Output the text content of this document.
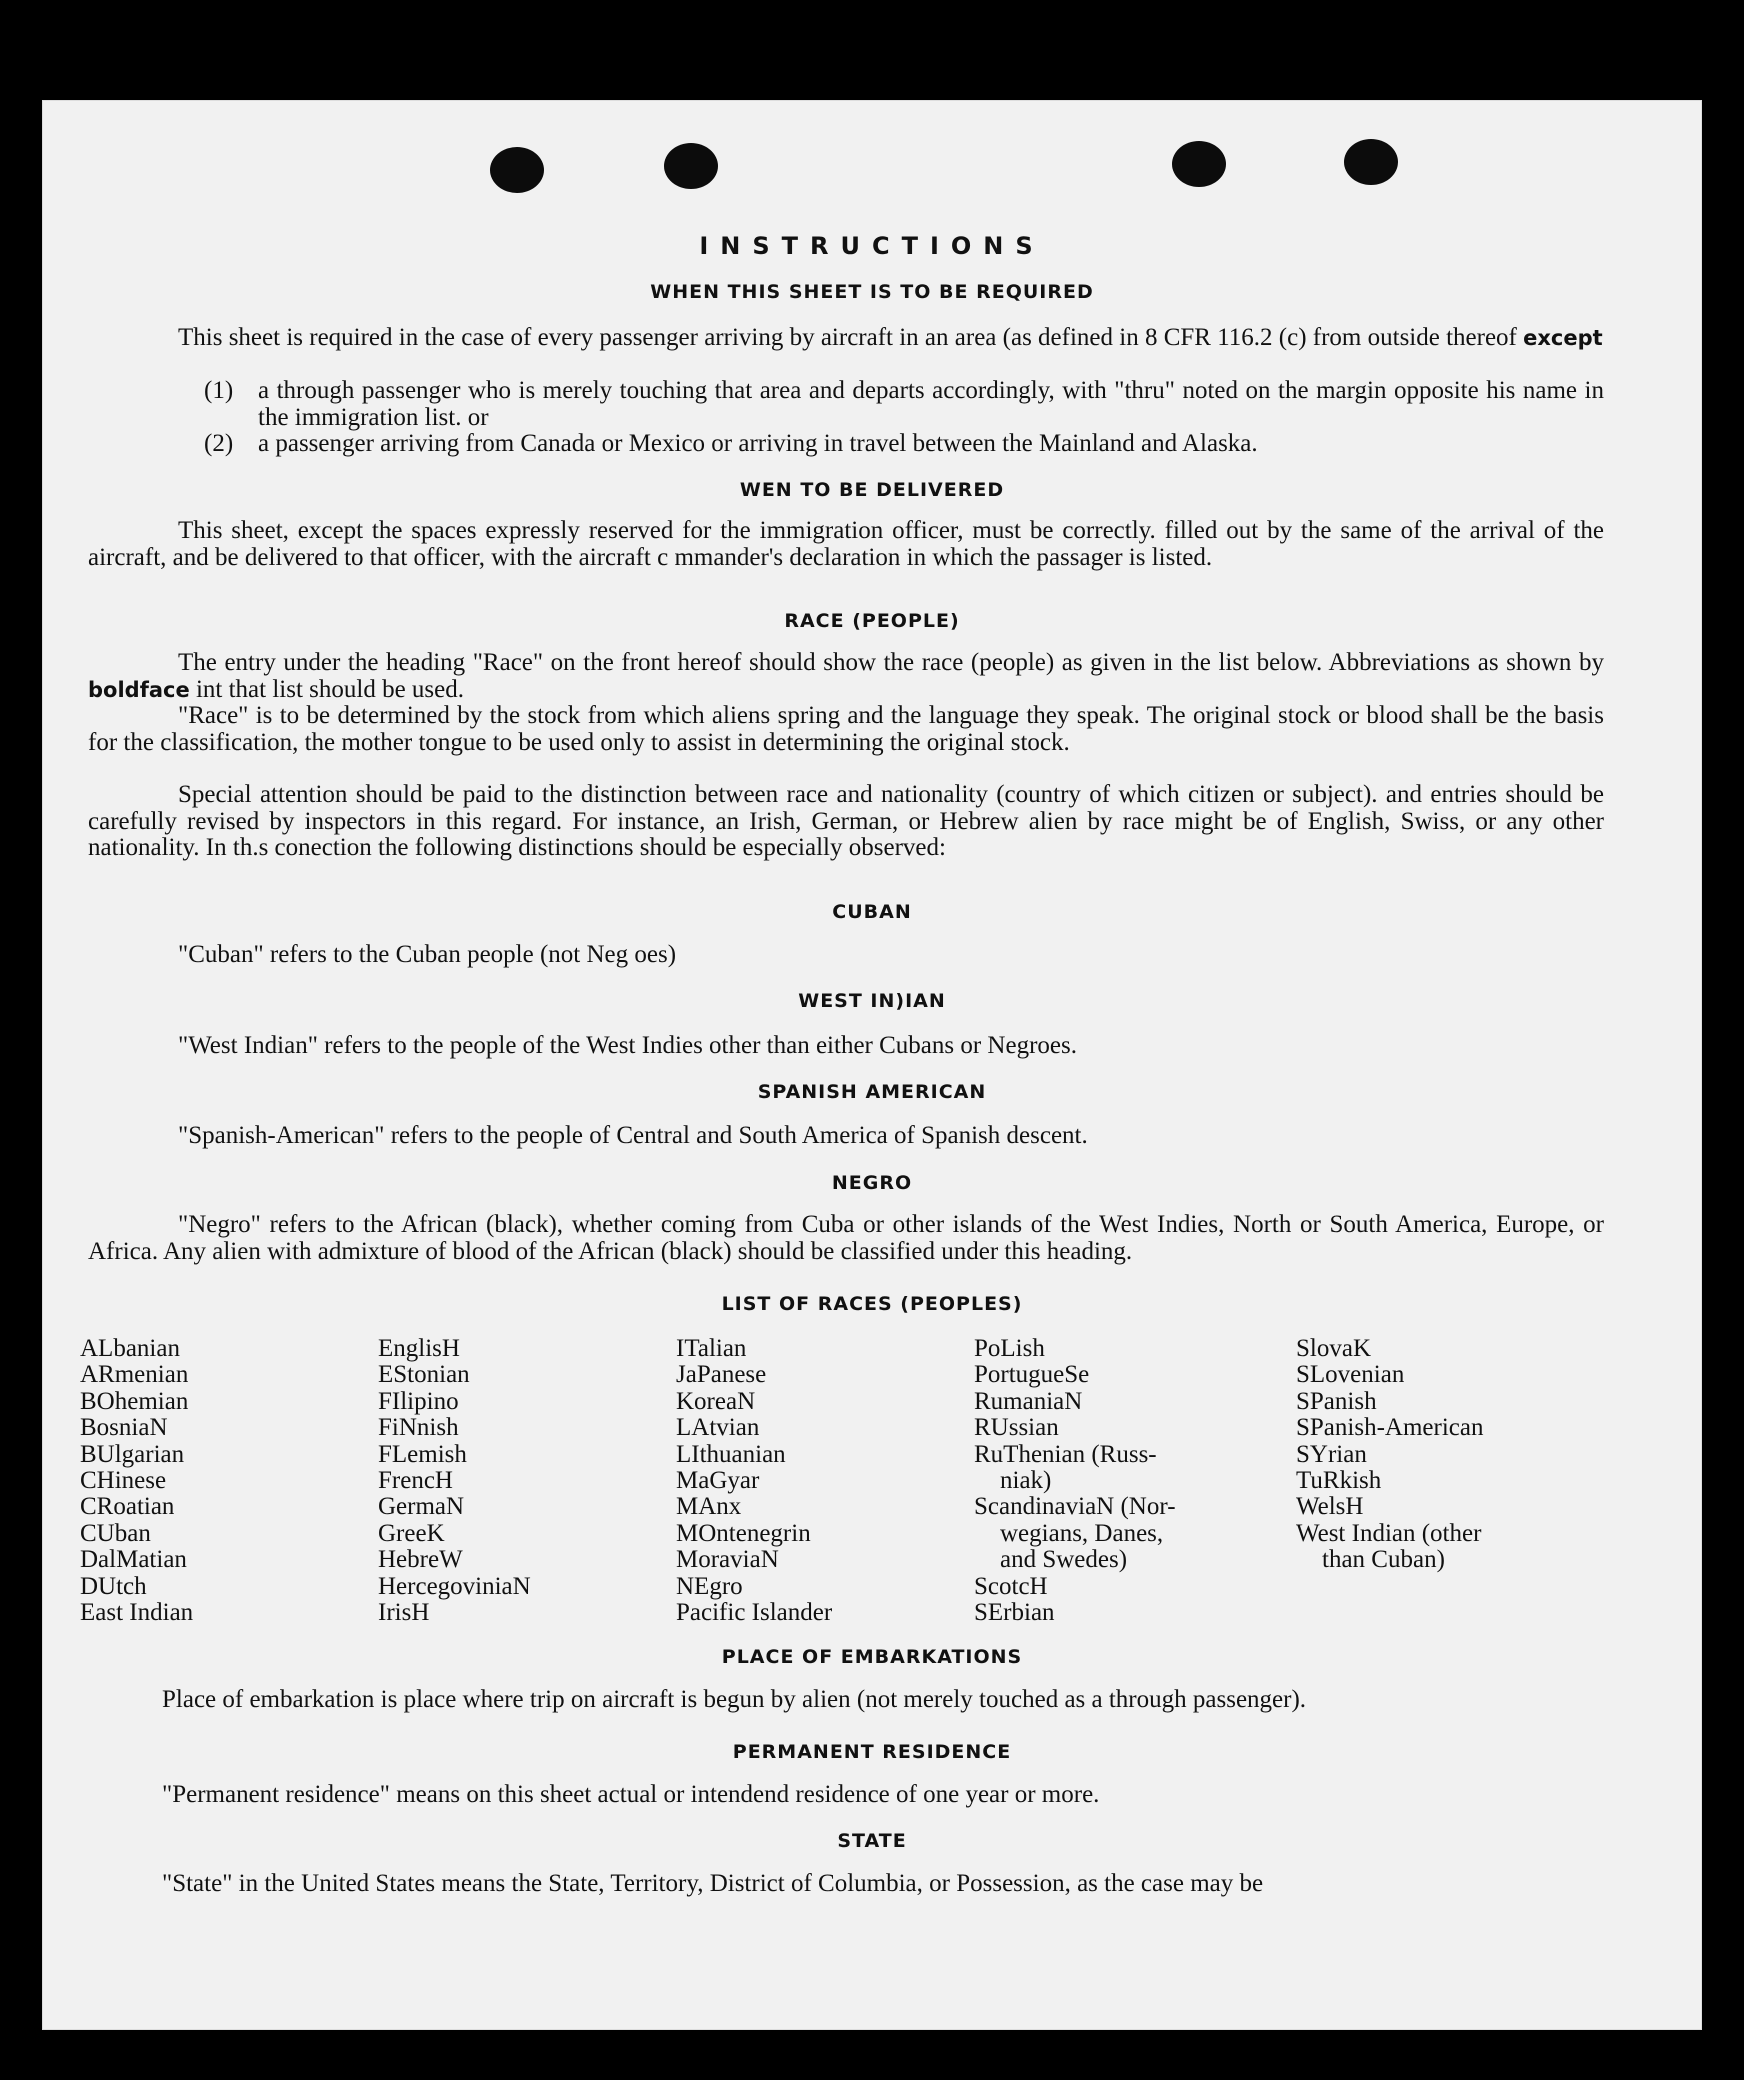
INSTRUCTIONS
WHEN THIS SHEET IS TO BE REQUIRED
This sheet is required in the case of every passenger arriving by aircraft in an area (as defined in 8 CFR 116.2 (c) from outside thereof except
(1) a through passenger who is merely touching that area and departs accordingly, with "thru" noted on the margin opposite his name in the immigration list. or
(2) a passenger arriving from Canada or Mexico or arriving in travel between the Mainland and Alaska.
WEN TO BE DELIVERED
This sheet, except the spaces expressly reserved for the immigration officer, must be correctly. filled out by the same of the arrival of the aircraft, and be delivered to that officer, with the aircraft c mmander's declaration in which the passager is listed.
RACE (PEOPLE)
The entry under the heading "Race" on the front hereof should show the race (people) as given in the list below. Abbreviations as shown by boldface int that list should be used.
"Race" is to be determined by the stock from which aliens spring and the language they speak. The original stock or blood shall be the basis for the classification, the mother tongue to be used only to assist in determining the original stock.
Special attention should be paid to the distinction between race and nationality (country of which citizen or subject). and entries should be carefully revised by inspectors in this regard. For instance, an Irish, German, or Hebrew alien by race might be of English, Swiss, or any other nationality. In th.s conection the following distinctions should be especially observed:
CUBAN
"Cuban" refers to the Cuban people (not Neg oes)
WEST IN)IAN
"West Indian" refers to the people of the West Indies other than either Cubans or Negroes.
SPANISH AMERICAN
"Spanish-American" refers to the people of Central and South America of Spanish descent.
NEGRO
"Negro" refers to the African (black), whether coming from Cuba or other islands of the West Indies, North or South America, Europe, or Africa. Any alien with admixture of blood of the African (black) should be classified under this heading.
LIST OF RACES (PEOPLES)
ALbanian
ARmenian
BOhemian
BosniaN
BUlgarian
CHinese
CRoatian
CUban
DalMatian
DUtch
East Indian
EnglisH
EStonian
FIlipino
FiNnish
FLemish
FrencH
GermaN
GreeK
HebreW
HercegoviniaN
IrisH
ITalian
JaPanese
KoreaN
LAtvian
LIthuanian
MaGyar
MAnx
MOntenegrin
MoraviaN
NEgro
Pacific Islander
PoLish
PortugueSe
RumaniaN
RUssian
RuThenian (Russ-
niak)
ScandinaviaN (Nor-
wegians, Danes,
and Swedes)
ScotcH
SErbian
SlovaK
SLovenian
SPanish
SPanish-American
SYrian
TuRkish
WelsH
West Indian (other
than Cuban)
PLACE OF EMBARKATIONS
Place of embarkation is place where trip on aircraft is begun by alien (not merely touched as a through passenger).
PERMANENT RESIDENCE
"Permanent residence" means on this sheet actual or intendend residence of one year or more.
STATE
"State" in the United States means the State, Territory, District of Columbia, or Possession, as the case may be
